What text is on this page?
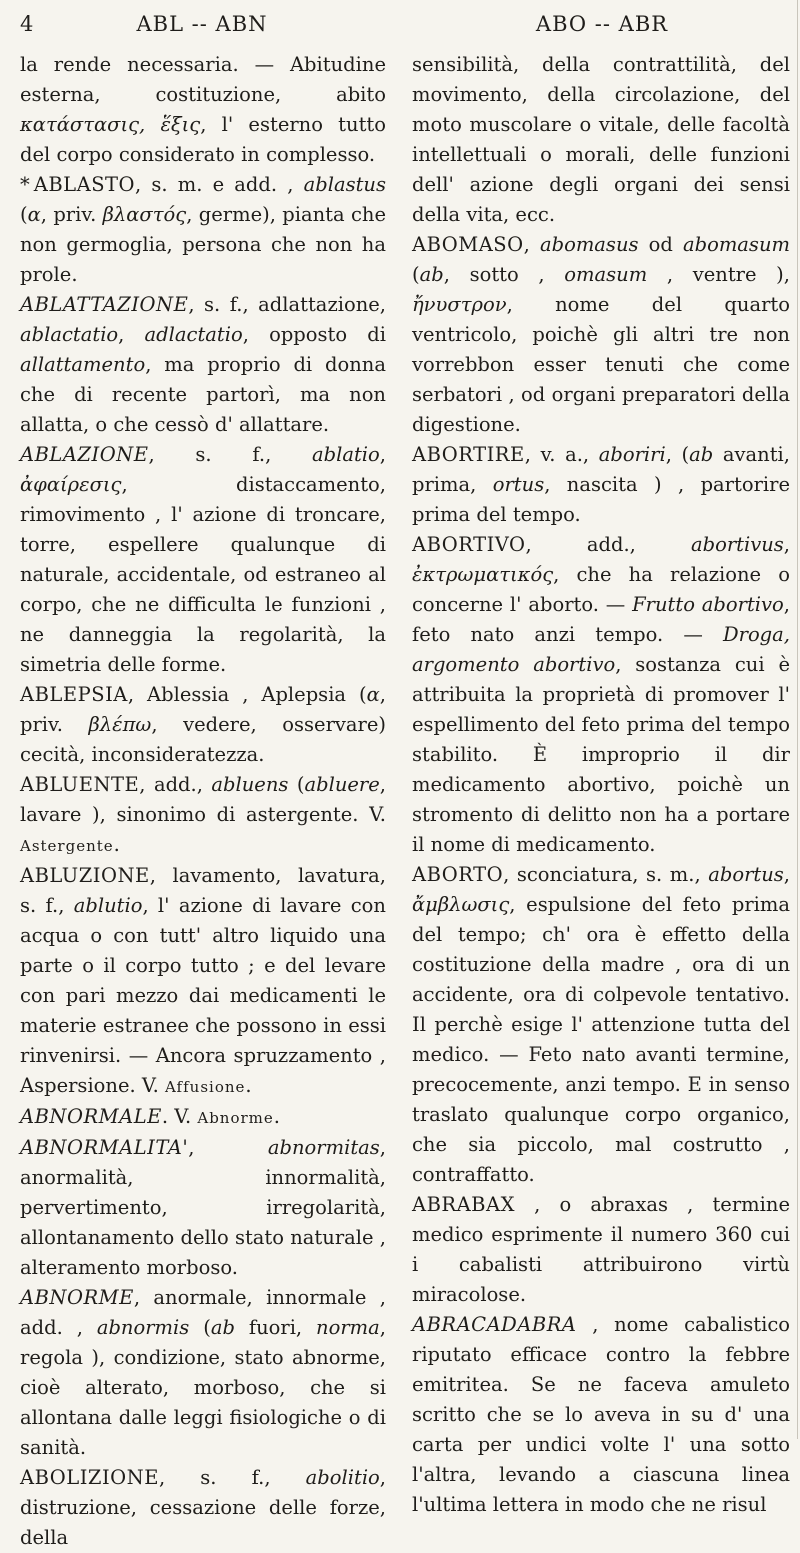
4	ABL -- ABN	ABO -- ABR

la rende necessaria. — Abitudine esterna, costituzione, abito κατάστασις, ἕξις, l' esterno tutto del corpo considerato in complesso.

* ABLASTO, s. m. e add. , ablastus (α, priv. βλαστός, germe), pianta che non germoglia, persona che non ha prole.

ABLATTAZIONE, s. f., adlattazione, ablactatio, adlactatio, opposto di allattamento, ma proprio di donna che di recente partorì, ma non allatta, o che cessò d' allattare.

ABLAZIONE, s. f., ablatio, ἀφαίρεσις, distaccamento, rimovimento , l' azione di troncare, torre, espellere qualunque di naturale, accidentale, od estraneo al corpo, che ne difficulta le funzioni , ne danneggia la regolarità, la simetria delle forme.

ABLEPSIA, Ablessia , Aplepsia (α, priv. βλέπω, vedere, osservare) cecità, inconsideratezza.

ABLUENTE, add., abluens (abluere, lavare ), sinonimo di astergente. V. Astergente.

ABLUZIONE, lavamento, lavatura, s. f., ablutio, l' azione di lavare con acqua o con tutt' altro liquido una parte o il corpo tutto ; e del levare con pari mezzo dai medicamenti le materie estranee che possono in essi rinvenirsi. — Ancora spruzzamento , Aspersione. V. Affusione.

ABNORMALE. V. Abnorme.

ABNORMALITA', abnormitas, anormalità, innormalità, pervertimento, irregolarità, allontanamento dello stato naturale , alteramento morboso.

ABNORME, anormale, innormale , add. , abnormis (ab fuori, norma, regola ), condizione, stato abnorme, cioè alterato, morboso, che si allontana dalle leggi fisiologiche o di sanità.

ABOLIZIONE, s. f., abolitio, distruzione, cessazione delle forze, della

sensibilità, della contrattilità, del movimento, della circolazione, del moto muscolare o vitale, delle facoltà intellettuali o morali, delle funzioni dell' azione degli organi dei sensi della vita, ecc.

ABOMASO, abomasus od abomasum (ab, sotto , omasum , ventre ), ἤνυστρον, nome del quarto ventricolo, poichè gli altri tre non vorrebbon esser tenuti che come serbatori , od organi preparatori della digestione.

ABORTIRE, v. a., aboriri, (ab avanti, prima, ortus, nascita ) , partorire prima del tempo.

ABORTIVO, add., abortivus, ἐκτρωματικός, che ha relazione o concerne l' aborto. — Frutto abortivo, feto nato anzi tempo. — Droga, argomento abortivo, sostanza cui è attribuita la proprietà di promover l' espellimento del feto prima del tempo stabilito. È improprio il dir medicamento abortivo, poichè un stromento di delitto non ha a portare il nome di medicamento.

ABORTO, sconciatura, s. m., abortus, ἄμβλωσις, espulsione del feto prima del tempo; ch' ora è effetto della costituzione della madre , ora di un accidente, ora di colpevole tentativo. Il perchè esige l' attenzione tutta del medico. — Feto nato avanti termine, precocemente, anzi tempo. E in senso traslato qualunque corpo organico, che sia piccolo, mal costrutto , contraffatto.

ABRABAX , o abraxas , termine medico esprimente il numero 360 cui i cabalisti attribuirono virtù miracolose.

ABRACADABRA , nome cabalistico riputato efficace contro la febbre emitritea. Se ne faceva amuleto scritto che se lo aveva in su d' una carta per undici volte l' una sotto l'altra, levando a ciascuna linea l'ultima lettera in modo che ne risul
